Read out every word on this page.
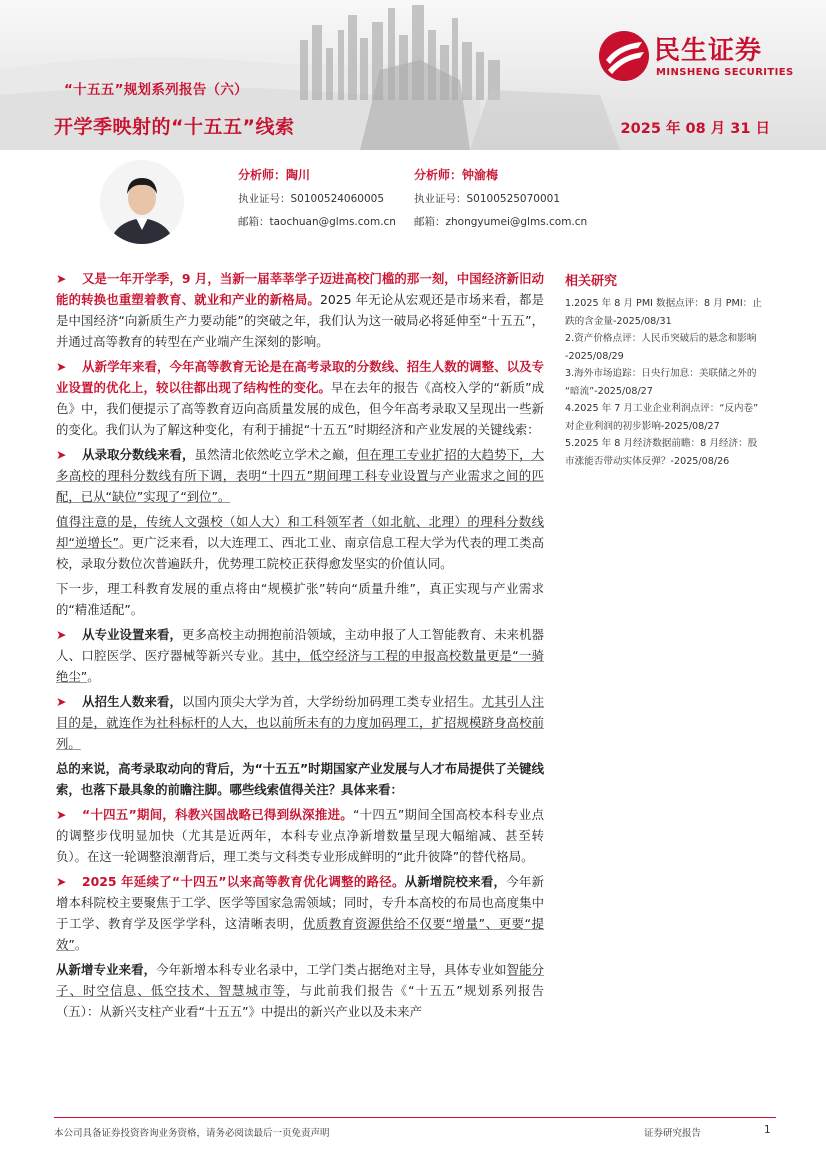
“十五五”规划系列报告（六）
开学季映射的“十五五”线索	2025 年 08 月 31 日
民生证券
MINSHENG SECURITIES
分析师：陶川
执业证号：S0100524060005
邮箱：taochuan@glms.com.cn
分析师：钟渝梅
执业证号：S0100525070001
邮箱：zhongyumei@glms.com.cn

➤ 又是一年开学季，9 月，当新一届莘莘学子迈进高校门槛的那一刻，中国经济新旧动能的转换也重塑着教育、就业和产业的新格局。2025 年无论从宏观还是市场来看，都是是中国经济“向新质生产力要动能”的突破之年，我们认为这一破局必将延伸至“十五五”，并通过高等教育的转型在产业端产生深刻的影响。

➤ 从新学年来看，今年高等教育无论是在高考录取的分数线、招生人数的调整、以及专业设置的优化上，较以往都出现了结构性的变化。早在去年的报告《高校入学的“新质”成色》中，我们便提示了高等教育迈向高质量发展的成色，但今年高考录取又呈现出一些新的变化。我们认为了解这种变化，有利于捕捉“十五五”时期经济和产业发展的关键线索：

➤ 从录取分数线来看，虽然清北依然屹立学术之巅，但在理工专业扩招的大趋势下，大多高校的理科分数线有所下调，表明“十四五”期间理工科专业设置与产业需求之间的匹配，已从“缺位”实现了“到位”。

值得注意的是，传统人文强校（如人大）和工科领军者（如北航、北理）的理科分数线却“逆增长”。更广泛来看，以大连理工、西北工业、南京信息工程大学为代表的理工类高校，录取分数位次普遍跃升，优势理工院校正获得愈发坚实的价值认同。

下一步，理工科教育发展的重点将由“规模扩张”转向“质量升维”，真正实现与产业需求的“精准适配”。

➤ 从专业设置来看，更多高校主动拥抱前沿领域，主动申报了人工智能教育、未来机器人、口腔医学、医疗器械等新兴专业。其中，低空经济与工程的申报高校数量更是“一骑绝尘”。

➤ 从招生人数来看，以国内顶尖大学为首，大学纷纷加码理工类专业招生。尤其引人注目的是，就连作为社科标杆的人大，也以前所未有的力度加码理工，扩招规模跻身高校前列。

总的来说，高考录取动向的背后，为“十五五”时期国家产业发展与人才布局提供了关键线索，也落下最具象的前瞻注脚。哪些线索值得关注？具体来看：

➤ “十四五”期间，科教兴国战略已得到纵深推进。“十四五”期间全国高校本科专业点的调整步伐明显加快（尤其是近两年，本科专业点净新增数量呈现大幅缩减、甚至转负）。在这一轮调整浪潮背后，理工类与文科类专业形成鲜明的“此升彼降”的替代格局。

➤ 2025 年延续了“十四五”以来高等教育优化调整的路径。从新增院校来看，今年新增本科院校主要聚焦于工学、医学等国家急需领域；同时，专升本高校的布局也高度集中于工学、教育学及医学学科，这清晰表明，优质教育资源供给不仅要“增量”、更要“提效”。

从新增专业来看，今年新增本科专业名录中，工学门类占据绝对主导，具体专业如智能分子、时空信息、低空技术、智慧城市等，与此前我们报告《“十五五”规划系列报告（五）：从新兴支柱产业看“十五五”》中提出的新兴产业以及未来产

相关研究
1.2025 年 8 月 PMI 数据点评：8 月 PMI：止
跌的含金量-2025/08/31
2.资产价格点评：人民币突破后的悬念和影响
-2025/08/29
3.海外市场追踪：日央行加息：美联储之外的
“暗流”-2025/08/27
4.2025 年 7 月工业企业利润点评：“反内卷”
对企业利润的初步影响-2025/08/27
5.2025 年 8 月经济数据前瞻：8 月经济：股
市涨能否带动实体反弹？-2025/08/26
本公司具备证券投资咨询业务资格，请务必阅读最后一页免责声明	证券研究报告	1
